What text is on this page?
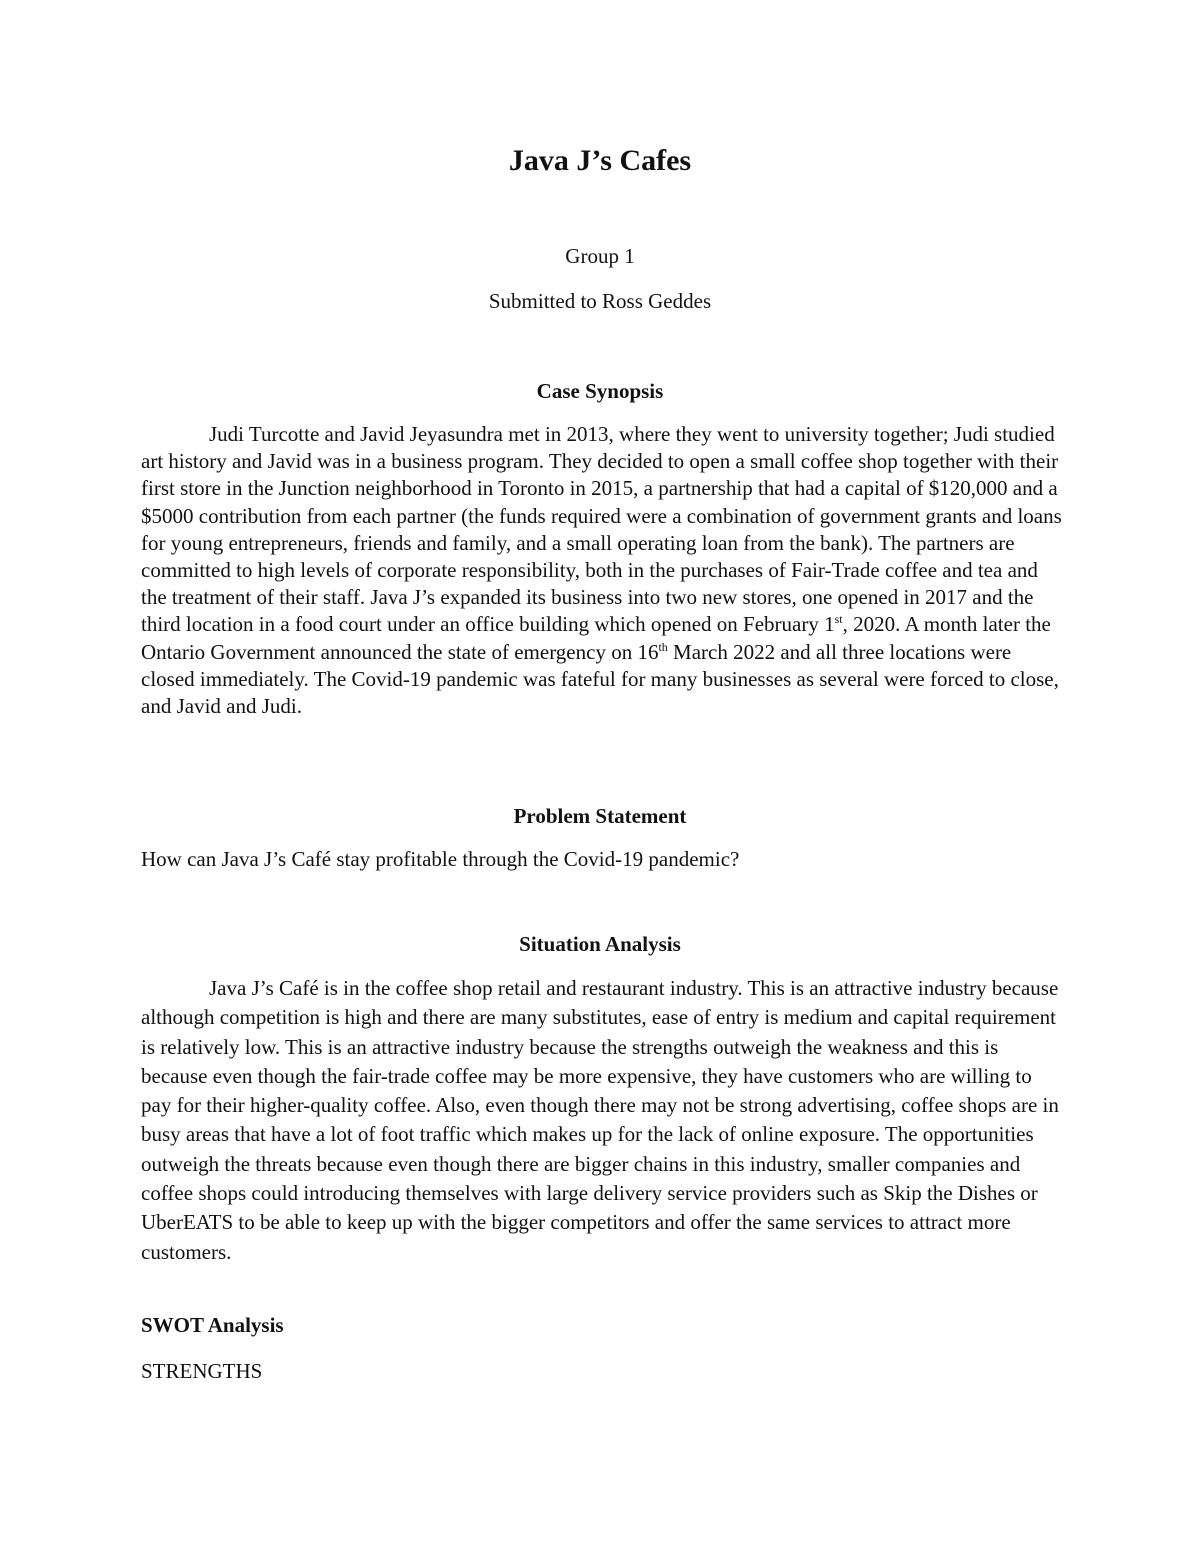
Java J’s Cafes

Group 1

Submitted to Ross Geddes

Case Synopsis

Judi Turcotte and Javid Jeyasundra met in 2013, where they went to university together; Judi studied art history and Javid was in a business program. They decided to open a small coffee shop together with their first store in the Junction neighborhood in Toronto in 2015, a partnership that had a capital of $120,000 and a $5000 contribution from each partner (the funds required were a combination of government grants and loans for young entrepreneurs, friends and family, and a small operating loan from the bank). The partners are committed to high levels of corporate responsibility, both in the purchases of Fair-Trade coffee and tea and the treatment of their staff. Java J’s expanded its business into two new stores, one opened in 2017 and the third location in a food court under an office building which opened on February 1st, 2020. A month later the Ontario Government announced the state of emergency on 16th March 2022 and all three locations were closed immediately. The Covid-19 pandemic was fateful for many businesses as several were forced to close, and Javid and Judi.

Problem Statement

How can Java J’s Café stay profitable through the Covid-19 pandemic?

Situation Analysis

Java J’s Café is in the coffee shop retail and restaurant industry. This is an attractive industry because although competition is high and there are many substitutes, ease of entry is medium and capital requirement is relatively low. This is an attractive industry because the strengths outweigh the weakness and this is because even though the fair-trade coffee may be more expensive, they have customers who are willing to pay for their higher-quality coffee. Also, even though there may not be strong advertising, coffee shops are in busy areas that have a lot of foot traffic which makes up for the lack of online exposure. The opportunities outweigh the threats because even though there are bigger chains in this industry, smaller companies and coffee shops could introducing themselves with large delivery service providers such as Skip the Dishes or UberEATS to be able to keep up with the bigger competitors and offer the same services to attract more customers.

SWOT Analysis

STRENGTHS
